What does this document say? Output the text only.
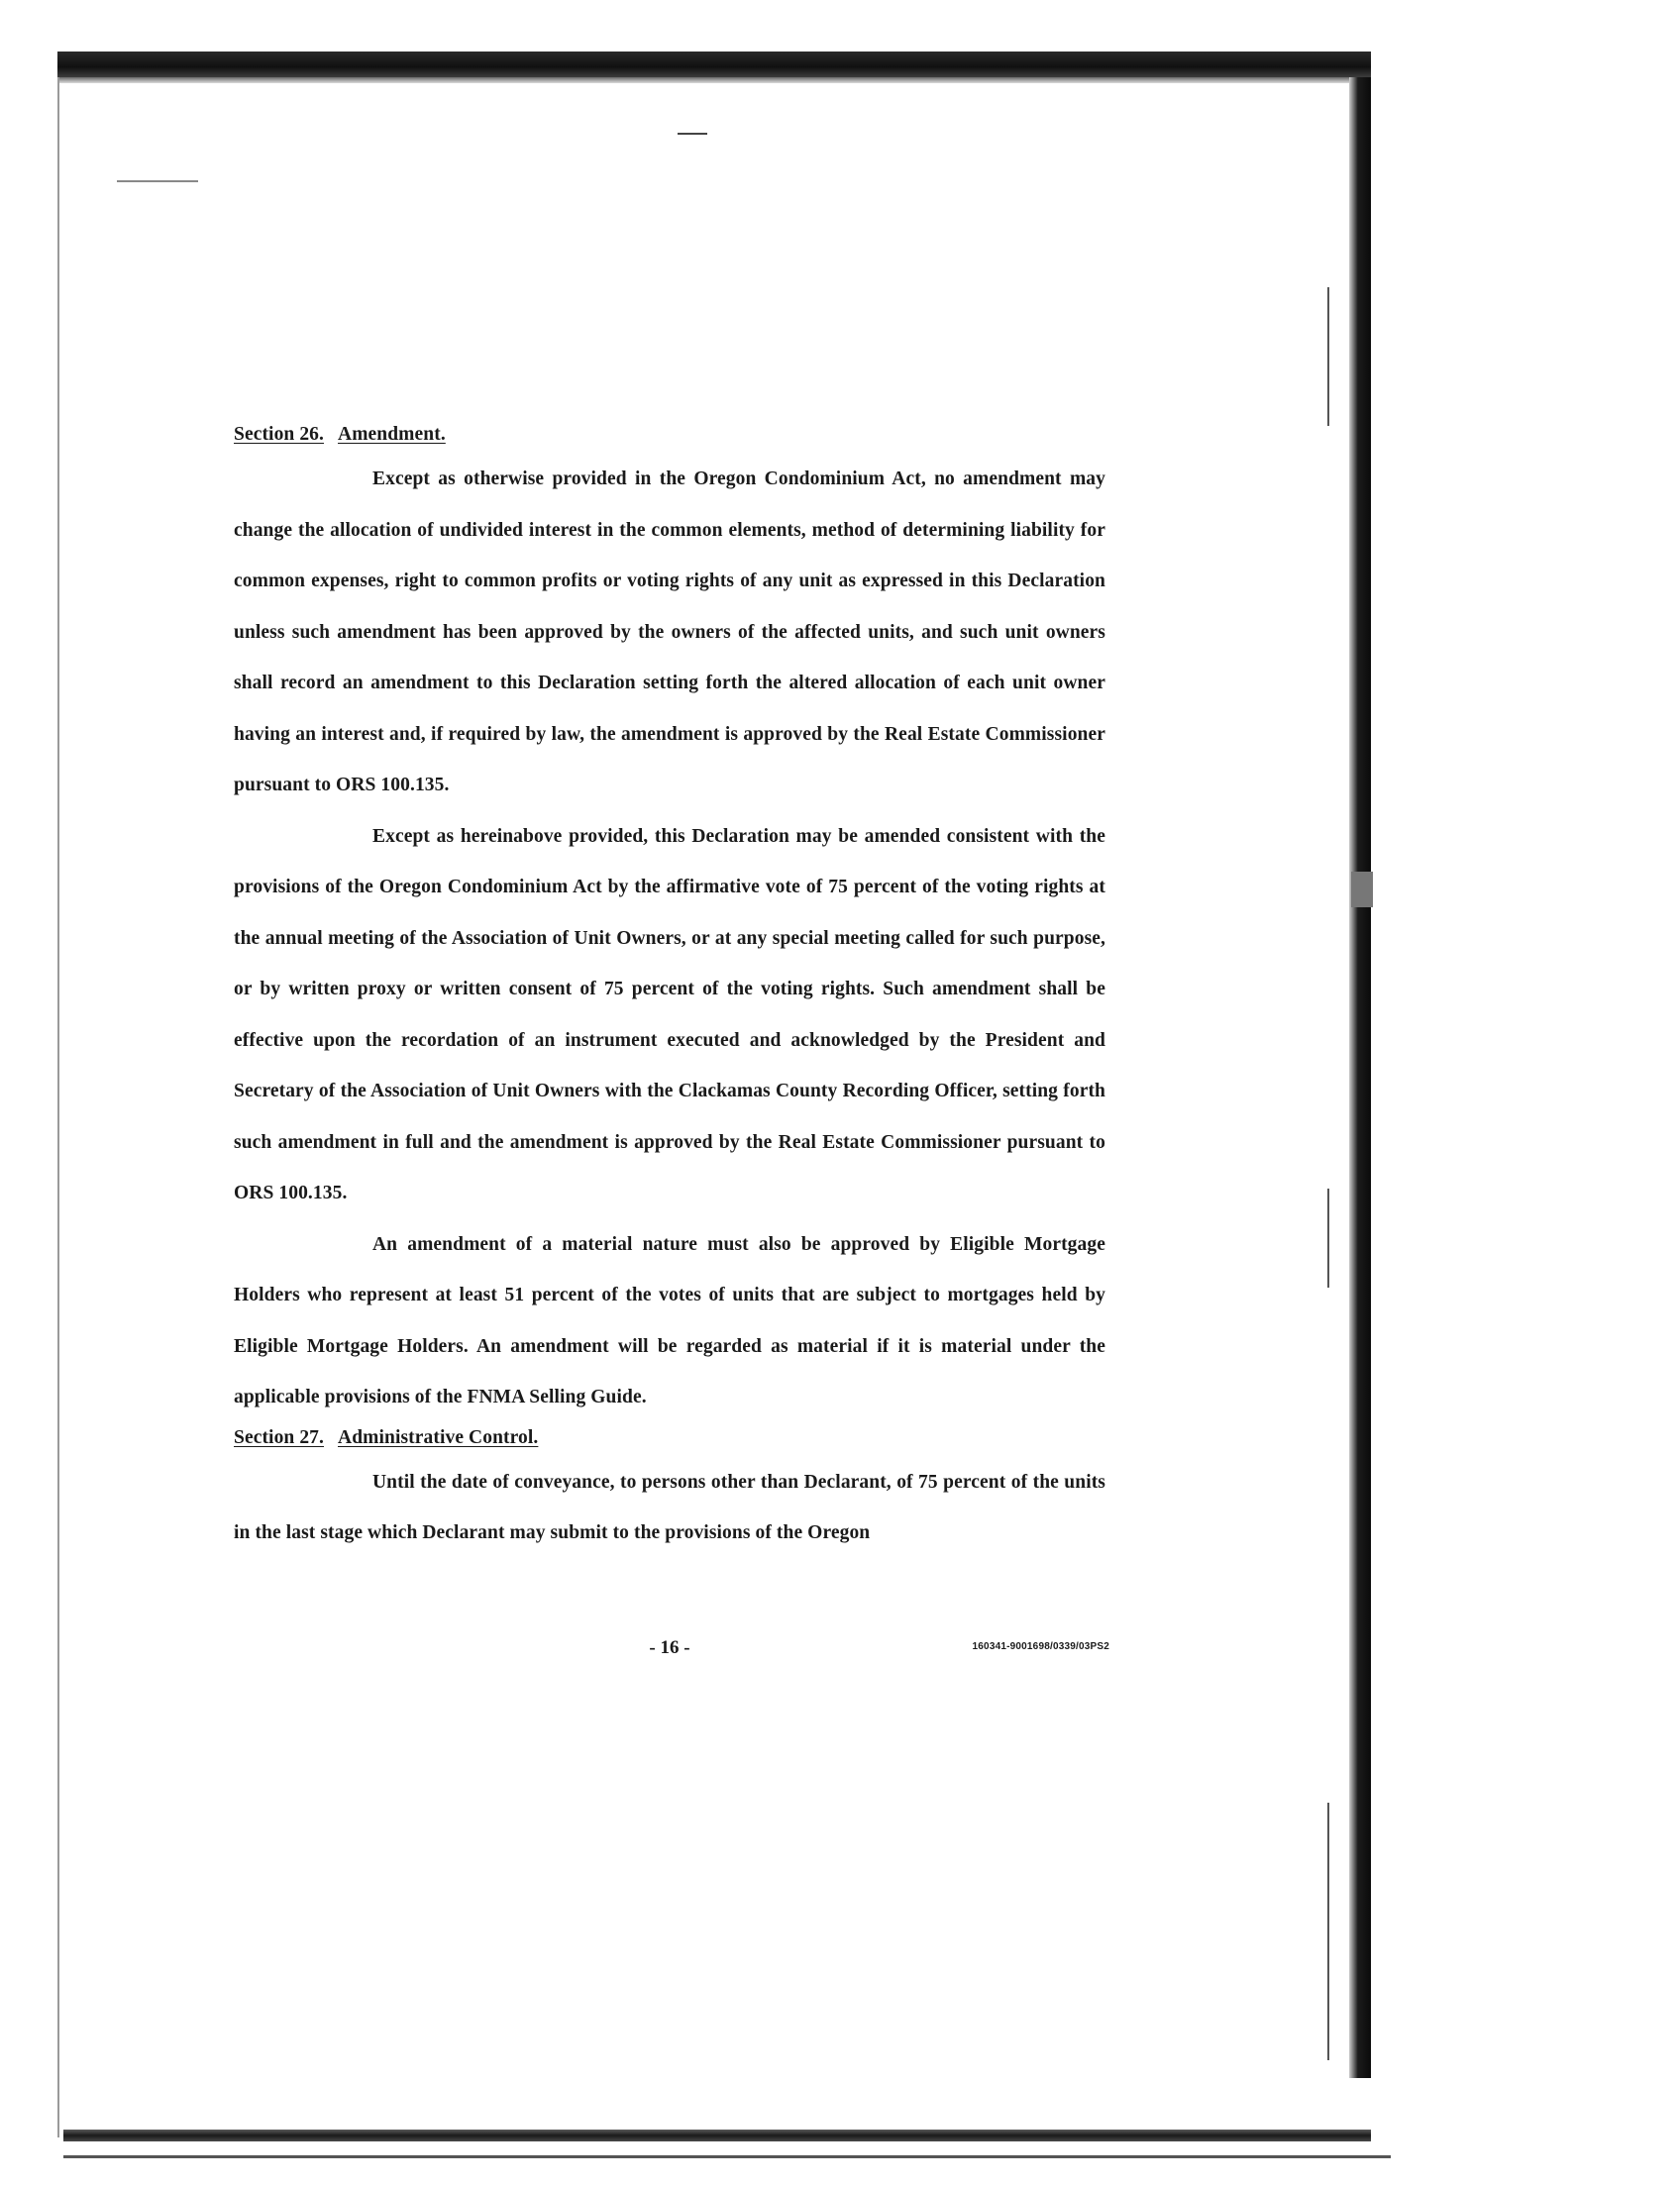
Section 26. Amendment.

Except as otherwise provided in the Oregon Condominium Act, no amendment may change the allocation of undivided interest in the common elements, method of determining liability for common expenses, right to common profits or voting rights of any unit as expressed in this Declaration unless such amendment has been approved by the owners of the affected units, and such unit owners shall record an amendment to this Declaration setting forth the altered allocation of each unit owner having an interest and, if required by law, the amendment is approved by the Real Estate Commissioner pursuant to ORS 100.135.

Except as hereinabove provided, this Declaration may be amended consistent with the provisions of the Oregon Condominium Act by the affirmative vote of 75 percent of the voting rights at the annual meeting of the Association of Unit Owners, or at any special meeting called for such purpose, or by written proxy or written consent of 75 percent of the voting rights. Such amendment shall be effective upon the recordation of an instrument executed and acknowledged by the President and Secretary of the Association of Unit Owners with the Clackamas County Recording Officer, setting forth such amendment in full and the amendment is approved by the Real Estate Commissioner pursuant to ORS 100.135.

An amendment of a material nature must also be approved by Eligible Mortgage Holders who represent at least 51 percent of the votes of units that are subject to mortgages held by Eligible Mortgage Holders. An amendment will be regarded as material if it is material under the applicable provisions of the FNMA Selling Guide.

Section 27. Administrative Control.

Until the date of conveyance, to persons other than Declarant, of 75 percent of the units in the last stage which Declarant may submit to the provisions of the Oregon

- 16 -	160341-9001698/0339/03PS2
